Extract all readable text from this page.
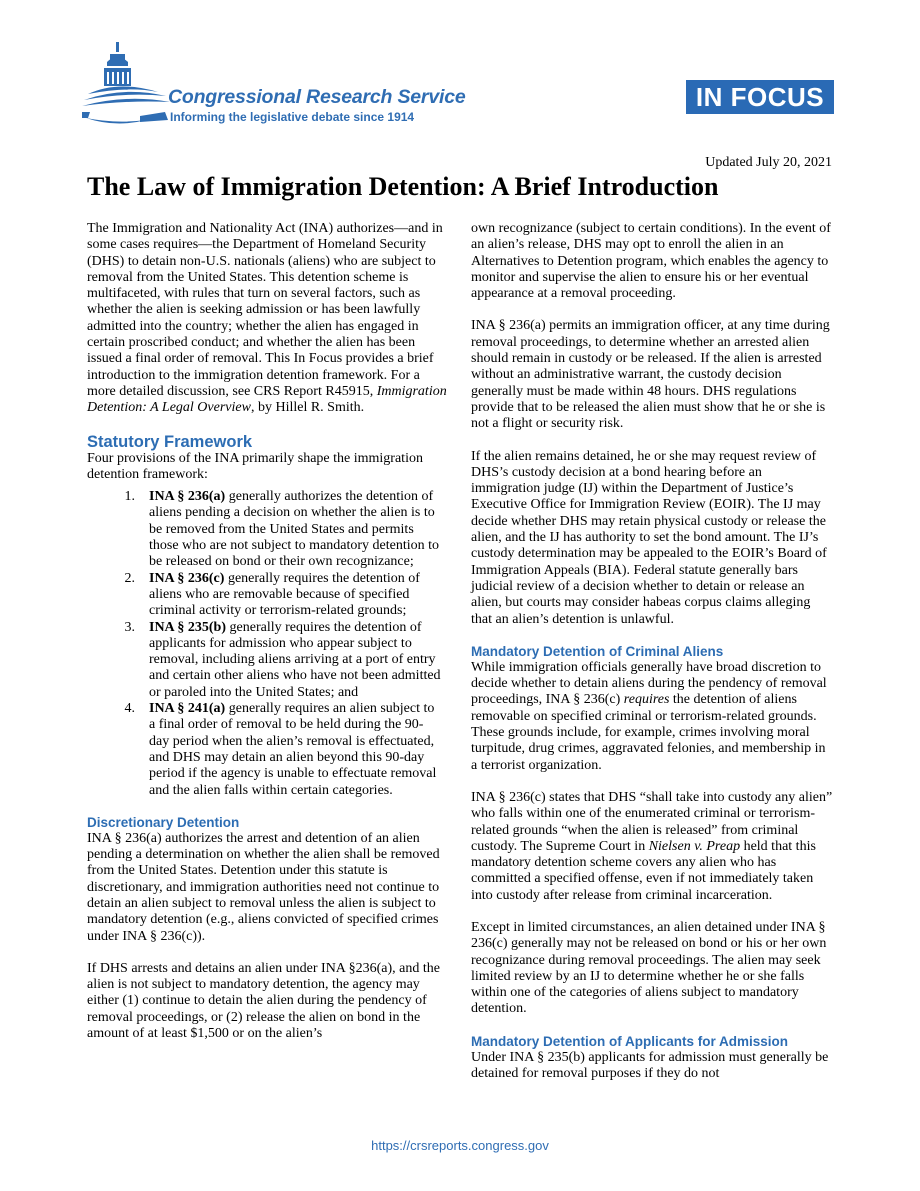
Congressional Research Service
Informing the legislative debate since 1914
IN FOCUS
Updated July 20, 2021
The Law of Immigration Detention: A Brief Introduction

The Immigration and Nationality Act (INA) authorizes—and in some cases requires—the Department of Homeland Security (DHS) to detain non-U.S. nationals (aliens) who are subject to removal from the United States. This detention scheme is multifaceted, with rules that turn on several factors, such as whether the alien is seeking admission or has been lawfully admitted into the country; whether the alien has engaged in certain proscribed conduct; and whether the alien has been issued a final order of removal. This In Focus provides a brief introduction to the immigration detention framework. For a more detailed discussion, see CRS Report R45915, Immigration Detention: A Legal Overview, by Hillel R. Smith.

Statutory Framework

Four provisions of the INA primarily shape the immigration detention framework:

1. INA § 236(a) generally authorizes the detention of aliens pending a decision on whether the alien is to be removed from the United States and permits those who are not subject to mandatory detention to be released on bond or their own recognizance;
2. INA § 236(c) generally requires the detention of aliens who are removable because of specified criminal activity or terrorism-related grounds;
3. INA § 235(b) generally requires the detention of applicants for admission who appear subject to removal, including aliens arriving at a port of entry and certain other aliens who have not been admitted or paroled into the United States; and
4. INA § 241(a) generally requires an alien subject to a final order of removal to be held during the 90-day period when the alien’s removal is effectuated, and DHS may detain an alien beyond this 90-day period if the agency is unable to effectuate removal and the alien falls within certain categories.
Discretionary Detention

INA § 236(a) authorizes the arrest and detention of an alien pending a determination on whether the alien shall be removed from the United States. Detention under this statute is discretionary, and immigration authorities need not continue to detain an alien subject to removal unless the alien is subject to mandatory detention (e.g., aliens convicted of specified crimes under INA § 236(c)).

If DHS arrests and detains an alien under INA §236(a), and the alien is not subject to mandatory detention, the agency may either (1) continue to detain the alien during the pendency of removal proceedings, or (2) release the alien on bond in the amount of at least $1,500 or on the alien’s

own recognizance (subject to certain conditions). In the event of an alien’s release, DHS may opt to enroll the alien in an Alternatives to Detention program, which enables the agency to monitor and supervise the alien to ensure his or her eventual appearance at a removal proceeding.

INA § 236(a) permits an immigration officer, at any time during removal proceedings, to determine whether an arrested alien should remain in custody or be released. If the alien is arrested without an administrative warrant, the custody decision generally must be made within 48 hours. DHS regulations provide that to be released the alien must show that he or she is not a flight or security risk.

If the alien remains detained, he or she may request review of DHS’s custody decision at a bond hearing before an immigration judge (IJ) within the Department of Justice’s Executive Office for Immigration Review (EOIR). The IJ may decide whether DHS may retain physical custody or release the alien, and the IJ has authority to set the bond amount. The IJ’s custody determination may be appealed to the EOIR’s Board of Immigration Appeals (BIA). Federal statute generally bars judicial review of a decision whether to detain or release an alien, but courts may consider habeas corpus claims alleging that an alien’s detention is unlawful.

Mandatory Detention of Criminal Aliens

While immigration officials generally have broad discretion to decide whether to detain aliens during the pendency of removal proceedings, INA § 236(c) requires the detention of aliens removable on specified criminal or terrorism-related grounds. These grounds include, for example, crimes involving moral turpitude, drug crimes, aggravated felonies, and membership in a terrorist organization.

INA § 236(c) states that DHS “shall take into custody any alien” who falls within one of the enumerated criminal or terrorism-related grounds “when the alien is released” from criminal custody. The Supreme Court in Nielsen v. Preap held that this mandatory detention scheme covers any alien who has committed a specified offense, even if not immediately taken into custody after release from criminal incarceration.

Except in limited circumstances, an alien detained under INA § 236(c) generally may not be released on bond or his or her own recognizance during removal proceedings. The alien may seek limited review by an IJ to determine whether he or she falls within one of the categories of aliens subject to mandatory detention.

Mandatory Detention of Applicants for Admission

Under INA § 235(b) applicants for admission must generally be detained for removal purposes if they do not

https://crsreports.congress.gov
